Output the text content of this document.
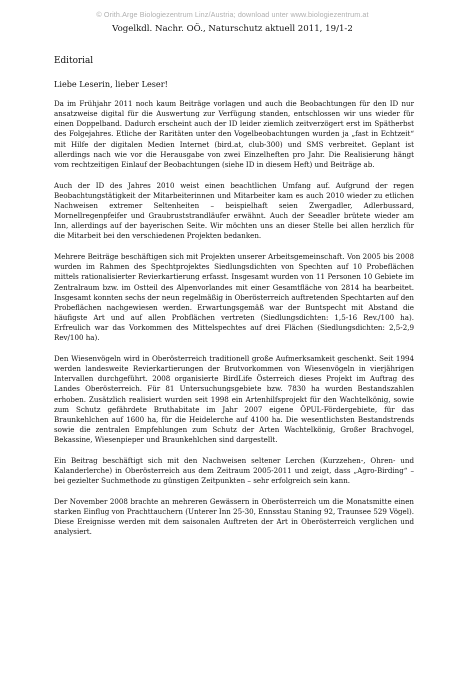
© Orith.Arge Biologiezentrum Linz/Austria; download unter www.biologiezentrum.at
Vogelkdl. Nachr. OÖ., Naturschutz aktuell 2011, 19/1-2
Editorial
Liebe Leserin, lieber Leser!

Da im Frühjahr 2011 noch kaum Beiträge vorlagen und auch die Beobachtungen für den ID nur ansatzweise digital für die Auswertung zur Verfügung standen, entschlossen wir uns wieder für einen Doppelband. Dadurch erscheint auch der ID leider ziemlich zeitverzögert erst im Spätherbst des Folgejahres. Etliche der Raritäten unter den Vogelbeobachtungen wurden ja „fast in Echtzeit“ mit Hilfe der digitalen Medien Internet (bird.at, club-300) und SMS verbreitet. Geplant ist allerdings nach wie vor die Herausgabe von zwei Einzelheften pro Jahr. Die Realisierung hängt vom rechtzeitigen Einlauf der Beobachtungen (siehe ID in diesem Heft) und Beiträge ab.

Auch der ID des Jahres 2010 weist einen beachtlichen Umfang auf. Aufgrund der regen Beobachtungstätigkeit der Mitarbeiterinnen und Mitarbeiter kam es auch 2010 wieder zu etlichen Nachweisen extremer Seltenheiten – beispielhaft seien Zwergadler, Adlerbussard, Mornellregenpfeifer und Graubruststrandläufer erwähnt. Auch der Seeadler brütete wieder am Inn, allerdings auf der bayerischen Seite. Wir möchten uns an dieser Stelle bei allen herzlich für die Mitarbeit bei den verschiedenen Projekten bedanken.

Mehrere Beiträge beschäftigen sich mit Projekten unserer Arbeitsgemeinschaft. Von 2005 bis 2008 wurden im Rahmen des Spechtprojektes Siedlungsdichten von Spechten auf 10 Probeflächen mittels rationalisierter Revierkartierung erfasst. Insgesamt wurden von 11 Personen 10 Gebiete im Zentralraum bzw. im Ostteil des Alpenvorlandes mit einer Gesamtfläche von 2814 ha bearbeitet. Insgesamt konnten sechs der neun regelmäßig in Oberösterreich auftretenden Spechtarten auf den Probeflächen nachgewiesen werden. Erwartungsgemäß war der Buntspecht mit Abstand die häufigste Art und auf allen Probflächen vertreten (Siedlungsdichten: 1,5-16 Rev./100 ha). Erfreulich war das Vorkommen des Mittelspechtes auf drei Flächen (Siedlungsdichten: 2,5-2,9 Rev/100 ha).

Den Wiesenvögeln wird in Oberösterreich traditionell große Aufmerksamkeit geschenkt. Seit 1994 werden landesweite Revierkartierungen der Brutvorkommen von Wiesenvögeln in vierjährigen Intervallen durchgeführt. 2008 organisierte BirdLife Österreich dieses Projekt im Auftrag des Landes Oberösterreich. Für 81 Untersuchungsgebiete bzw. 7830 ha wurden Bestandszahlen erhoben. Zusätzlich realisiert wurden seit 1998 ein Artenhilfsprojekt für den Wachtelkönig, sowie zum Schutz gefährdete Bruthabitate im Jahr 2007 eigene ÖPUL-Fördergebiete, für das Braunkehlchen auf 1600 ha, für die Heidelerche auf 4100 ha. Die wesentlichsten Bestandstrends sowie die zentralen Empfehlungen zum Schutz der Arten Wachtelkönig, Großer Brachvogel, Bekassine, Wiesenpieper und Braunkehlchen sind dargestellt.

Ein Beitrag beschäftigt sich mit den Nachweisen seltener Lerchen (Kurzzehen-, Ohren- und Kalanderlerche) in Oberösterreich aus dem Zeitraum 2005-2011 und zeigt, dass „Agro-Birding“ – bei gezielter Suchmethode zu günstigen Zeitpunkten – sehr erfolgreich sein kann.

Der November 2008 brachte an mehreren Gewässern in Oberösterreich um die Monatsmitte einen starken Einflug von Prachttauchern (Unterer Inn 25-30, Ennsstau Staning 92, Traunsee 529 Vögel). Diese Ereignisse werden mit dem saisonalen Auftreten der Art in Oberösterreich verglichen und analysiert.
